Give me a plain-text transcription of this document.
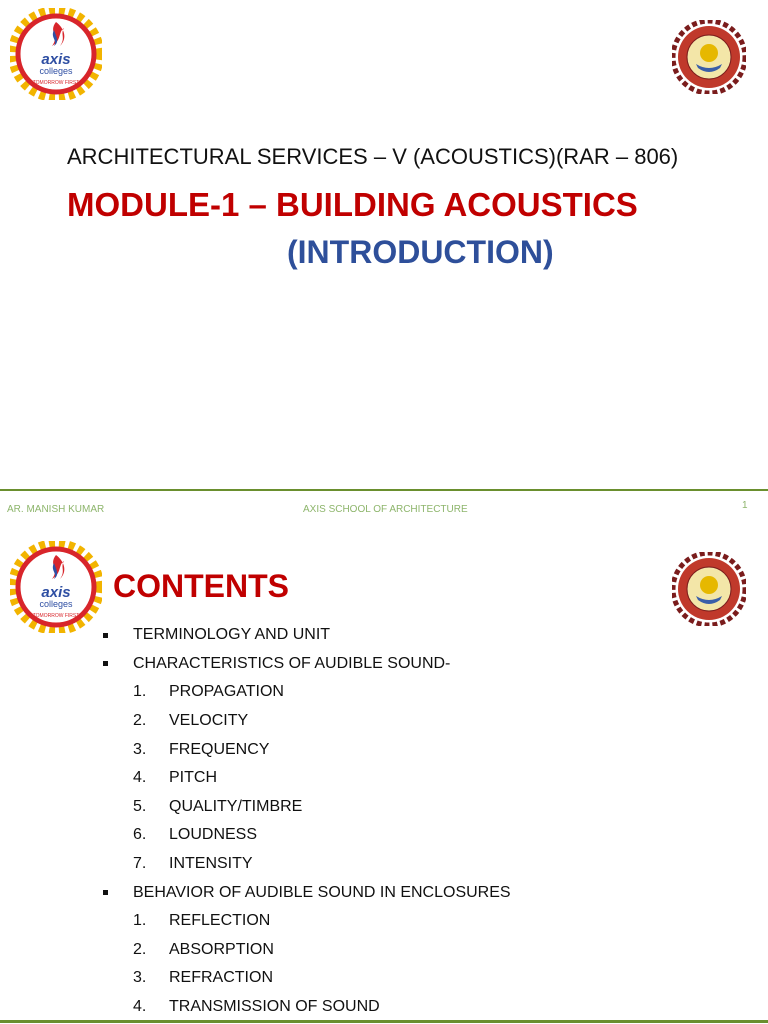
axis
colleges
TOMORROW FIRST
ARCHITECTURAL SERVICES – V (ACOUSTICS)(RAR – 806)
MODULE-1 – BUILDING ACOUSTICS
(INTRODUCTION)
AR. MANISH KUMAR	AXIS SCHOOL OF ARCHITECTURE	1
axis
colleges
TOMORROW FIRST
CONTENTS
TERMINOLOGY AND UNIT
CHARACTERISTICS OF AUDIBLE SOUND-
1.	PROPAGATION
2.	VELOCITY
3.	FREQUENCY
4.	PITCH
5.	QUALITY/TIMBRE
6.	LOUDNESS
7.	INTENSITY
BEHAVIOR OF AUDIBLE SOUND IN ENCLOSURES
1.	REFLECTION
2.	ABSORPTION
3.	REFRACTION
4.	TRANSMISSION OF SOUND
